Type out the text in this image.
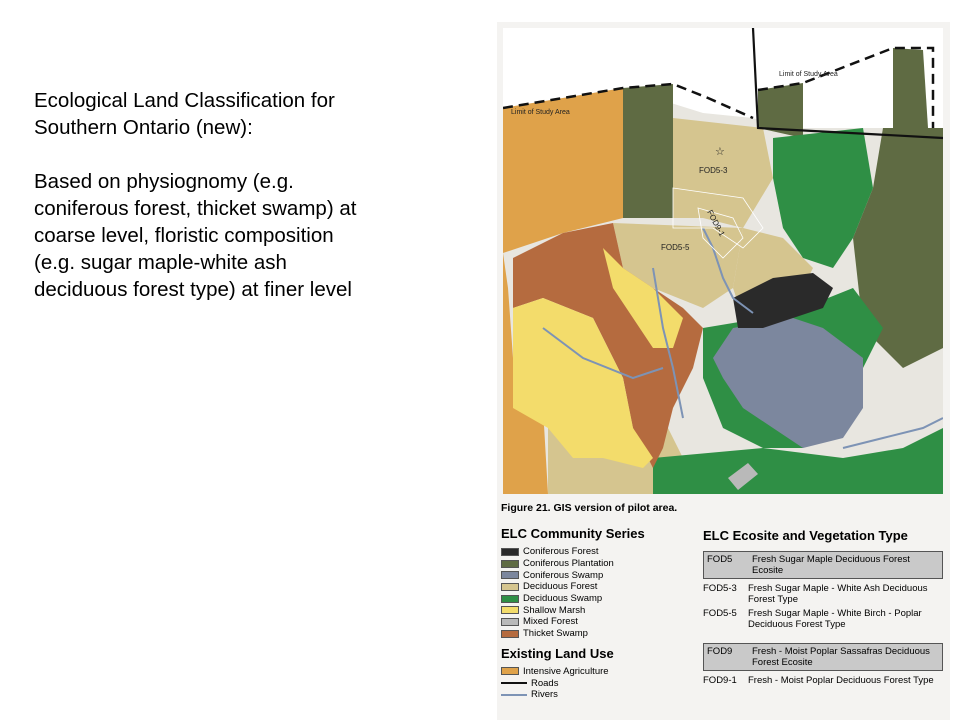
Ecological Land Classification for

Southern Ontario (new):

Based on physiognomy (e.g.

coniferous forest, thicket swamp) at

coarse level, floristic composition

(e.g. sugar maple-white ash

deciduous forest type) at finer level

Limit of Study Area
Limit of Study Area
☆
FOD5-3
FOD9-1
FOD5-5
Figure 21. GIS version of pilot area.
ELC Community Series
Coniferous Forest
Coniferous Plantation
Coniferous Swamp
Deciduous Forest
Deciduous Swamp
Shallow Marsh
Mixed Forest
Thicket Swamp
Existing Land Use
Intensive Agriculture
Roads
Rivers
ELC Ecosite and Vegetation Type
FOD5	Fresh Sugar Maple Deciduous Forest Ecosite
FOD5-3	Fresh Sugar Maple - White Ash Deciduous Forest Type
FOD5-5	Fresh Sugar Maple - White Birch - Poplar Deciduous Forest Type
FOD9	Fresh - Moist Poplar Sassafras Deciduous Forest Ecosite
FOD9-1	Fresh - Moist Poplar Deciduous Forest Type
